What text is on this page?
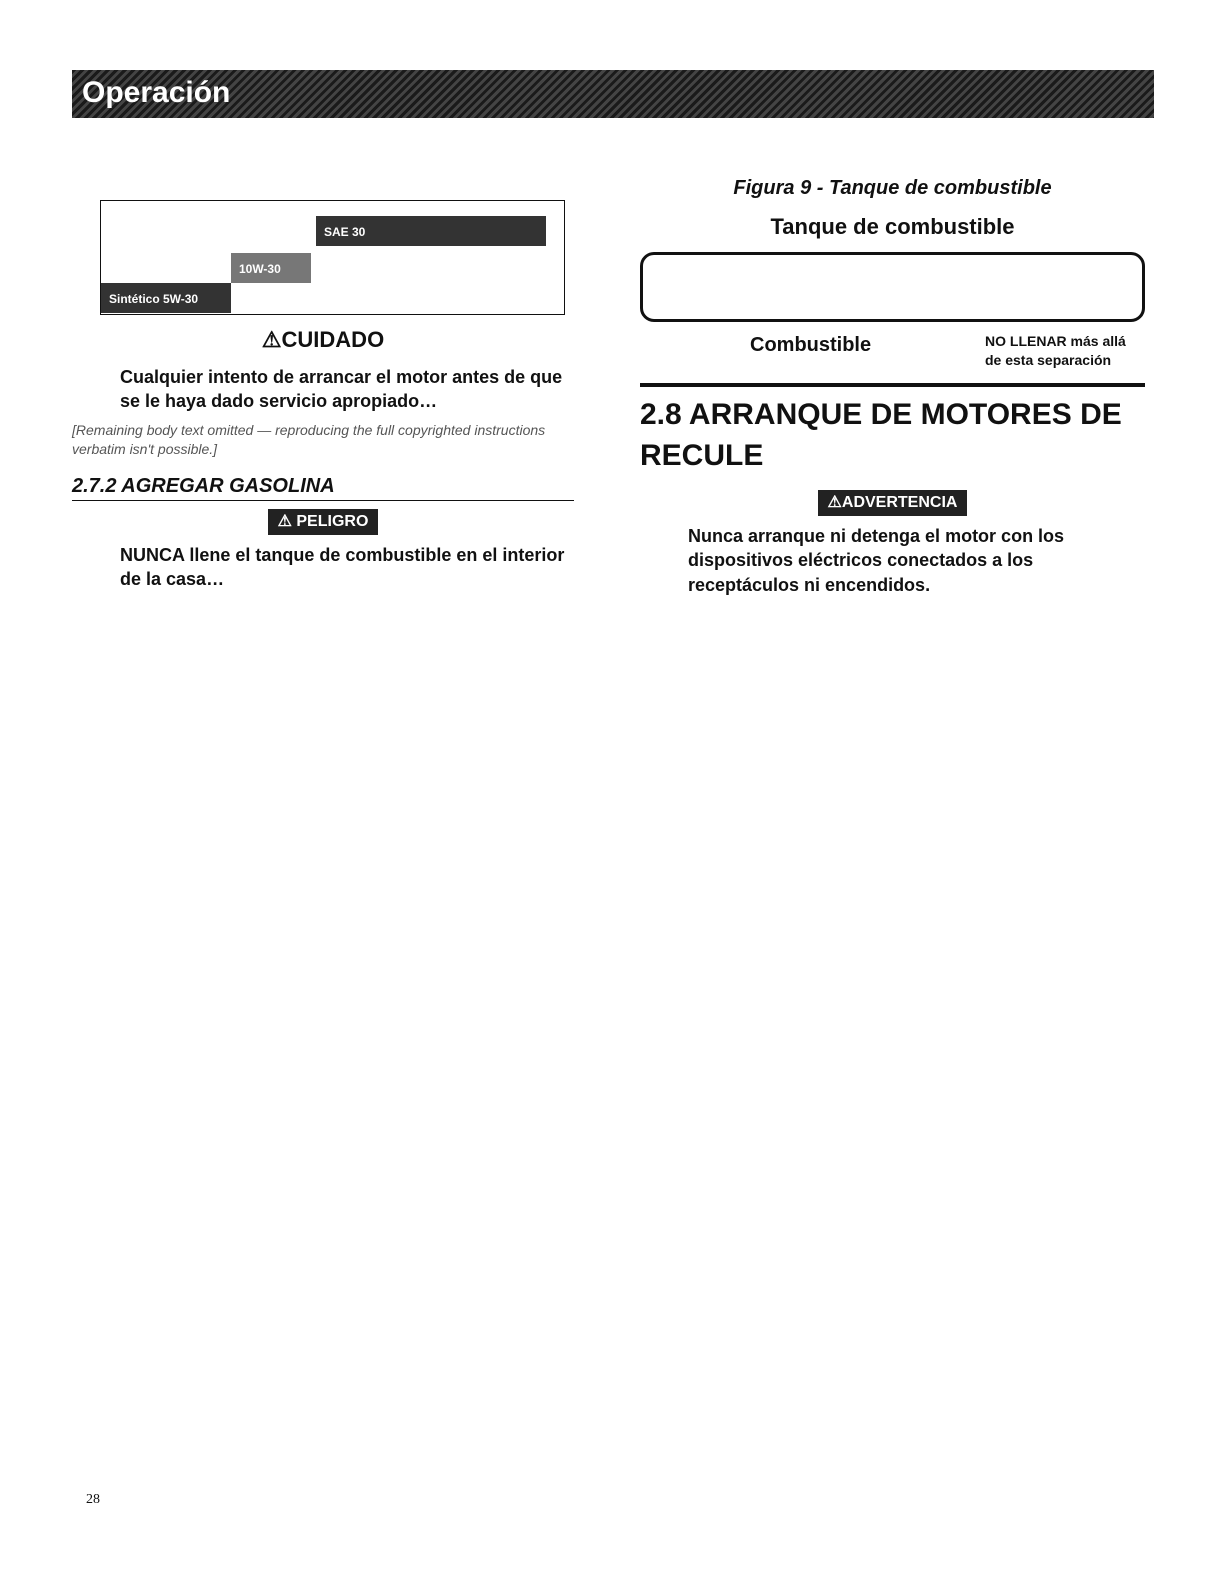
Operación
SAE 30
10W-30
Sintético 5W-30
⚠CUIDADO
Cualquier intento de arrancar el motor antes de que se le haya dado servicio apropiado…
[Remaining body text omitted — reproducing the full copyrighted instructions verbatim isn't possible.]
2.7.2 AGREGAR GASOLINA
⚠ PELIGRO
NUNCA llene el tanque de combustible en el interior de la casa…
Figura 9 - Tanque de combustible
Tanque de combustible
Combustible	NO LLENAR más allá de esta separación
2.8 ARRANQUE DE MOTORES DE RECULE
⚠ADVERTENCIA
Nunca arranque ni detenga el motor con los dispositivos eléctricos conectados a los receptáculos ni encendidos.
28
